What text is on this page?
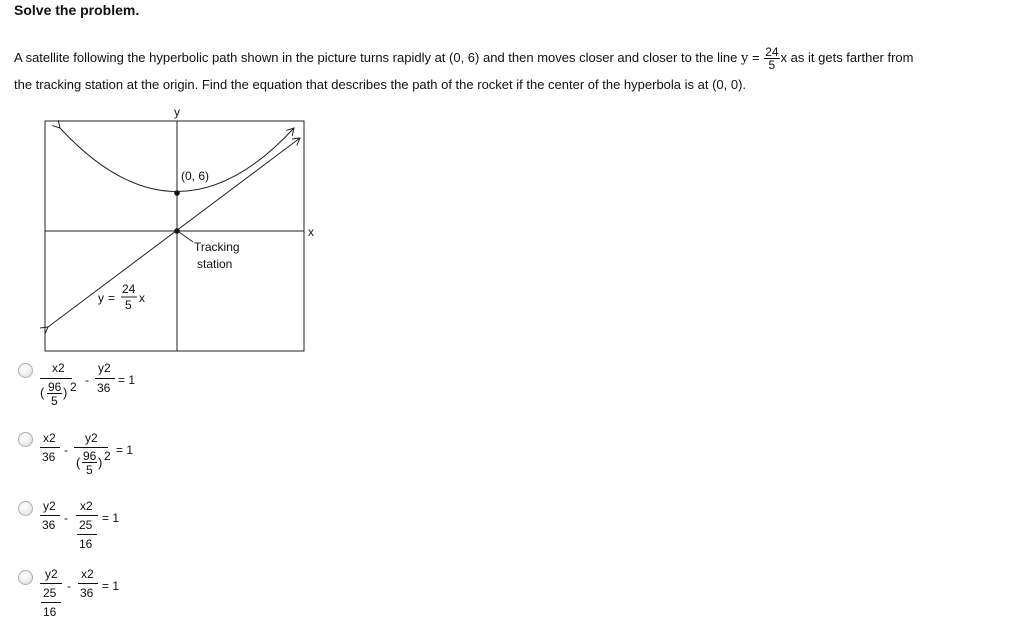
Solve the problem.
A satellite following the hyperbolic path shown in the picture turns rapidly at (0, 6) and then moves closer and closer to the line $y = \frac{24}{5}$ x as it gets farther from
the tracking station at the origin. Find the equation that describes the path of the rocket if the center of the hyperbola is at (0, 0).
y
x
(0, 6)
Tracking
station
y =
24
5 x
x2
( 96
5
) 2 -
y2
36
= 1
x2
36 -
y2
( 96
5 ) 2 = 1
y2
36 -
x2
25
16
= 1
y2
25
16
-
x2
36 = 1
